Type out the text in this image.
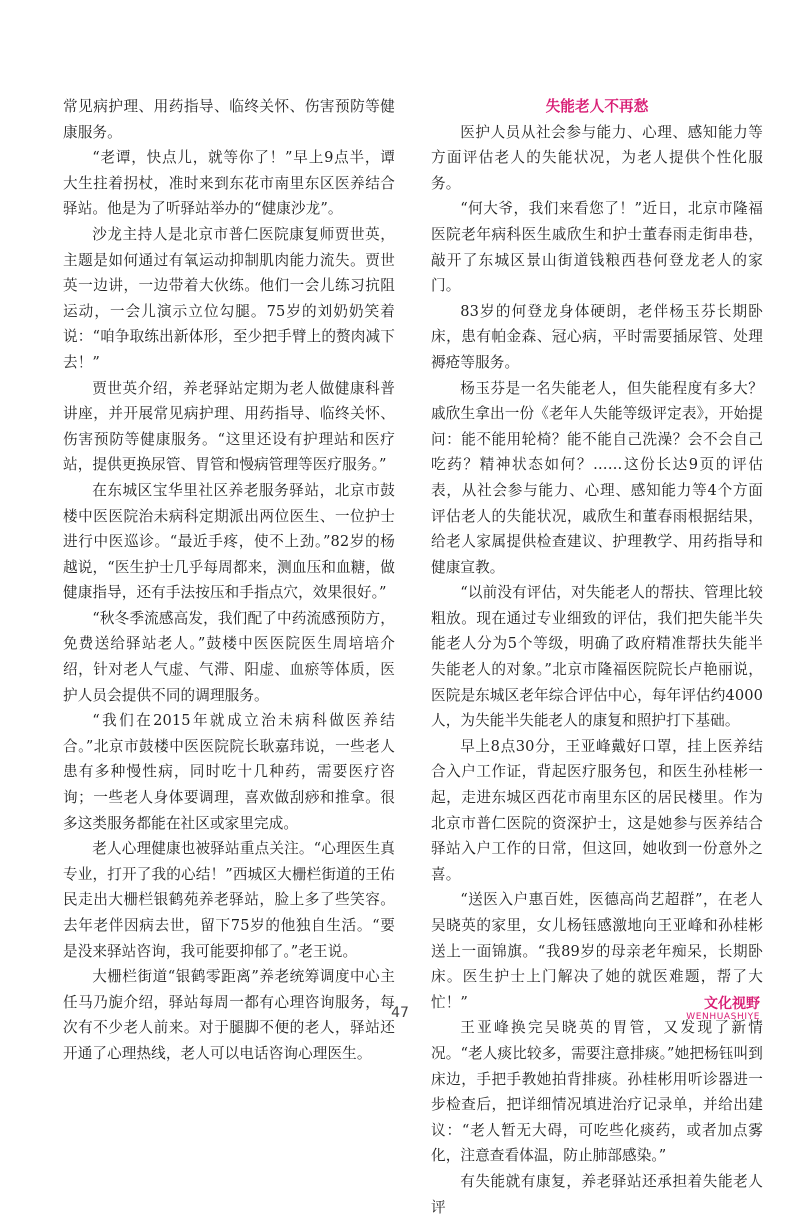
常见病护理、用药指导、临终关怀、伤害预防等健康服务。

“老谭，快点儿，就等你了！”早上9点半，谭大生拄着拐杖，准时来到东花市南里东区医养结合驿站。他是为了听驿站举办的“健康沙龙”。

沙龙主持人是北京市普仁医院康复师贾世英，主题是如何通过有氧运动抑制肌肉能力流失。贾世英一边讲，一边带着大伙练。他们一会儿练习抗阻运动，一会儿演示立位勾腿。75岁的刘奶奶笑着说：“咱争取练出新体形，至少把手臂上的赘肉减下去！”

贾世英介绍，养老驿站定期为老人做健康科普讲座，并开展常见病护理、用药指导、临终关怀、伤害预防等健康服务。“这里还设有护理站和医疗站，提供更换尿管、胃管和慢病管理等医疗服务。”

在东城区宝华里社区养老服务驿站，北京市鼓楼中医医院治未病科定期派出两位医生、一位护士进行中医巡诊。“最近手疼，使不上劲。”82岁的杨越说，“医生护士几乎每周都来，测血压和血糖，做健康指导，还有手法按压和手指点穴，效果很好。”

“秋冬季流感高发，我们配了中药流感预防方，免费送给驿站老人。”鼓楼中医医院医生周培培介绍，针对老人气虚、气滞、阳虚、血瘀等体质，医护人员会提供不同的调理服务。

“我们在2015年就成立治未病科做医养结合。”北京市鼓楼中医医院院长耿嘉玮说，一些老人患有多种慢性病，同时吃十几种药，需要医疗咨询；一些老人身体要调理，喜欢做刮痧和推拿。很多这类服务都能在社区或家里完成。

老人心理健康也被驿站重点关注。“心理医生真专业，打开了我的心结！”西城区大栅栏街道的王佑民走出大栅栏银鹤苑养老驿站，脸上多了些笑容。去年老伴因病去世，留下75岁的他独自生活。“要是没来驿站咨询，我可能要抑郁了。”老王说。

大栅栏街道“银鹤零距离”养老统筹调度中心主任马乃旎介绍，驿站每周一都有心理咨询服务，每次有不少老人前来。对于腿脚不便的老人，驿站还开通了心理热线，老人可以电话咨询心理医生。

失能老人不再愁

医护人员从社会参与能力、心理、感知能力等方面评估老人的失能状况，为老人提供个性化服务。

“何大爷，我们来看您了！”近日，北京市隆福医院老年病科医生戚欣生和护士董春雨走街串巷，敲开了东城区景山街道钱粮西巷何登龙老人的家门。

83岁的何登龙身体硬朗，老伴杨玉芬长期卧床，患有帕金森、冠心病，平时需要插尿管、处理褥疮等服务。

杨玉芬是一名失能老人，但失能程度有多大？戚欣生拿出一份《老年人失能等级评定表》，开始提问：能不能用轮椅？能不能自己洗澡？会不会自己吃药？精神状态如何？……这份长达9页的评估表，从社会参与能力、心理、感知能力等4个方面评估老人的失能状况，戚欣生和董春雨根据结果，给老人家属提供检查建议、护理教学、用药指导和健康宣教。

“以前没有评估，对失能老人的帮扶、管理比较粗放。现在通过专业细致的评估，我们把失能半失能老人分为5个等级，明确了政府精准帮扶失能半失能老人的对象。”北京市隆福医院院长卢艳丽说，医院是东城区老年综合评估中心，每年评估约4000人，为失能半失能老人的康复和照护打下基础。

早上8点30分，王亚峰戴好口罩，挂上医养结合入户工作证，背起医疗服务包，和医生孙桂彬一起，走进东城区西花市南里东区的居民楼里。作为北京市普仁医院的资深护士，这是她参与医养结合驿站入户工作的日常，但这回，她收到一份意外之喜。

“送医入户惠百姓，医德高尚艺超群”，在老人吴晓英的家里，女儿杨钰感激地向王亚峰和孙桂彬送上一面锦旗。“我89岁的母亲老年痴呆，长期卧床。医生护士上门解决了她的就医难题，帮了大忙！”

王亚峰换完吴晓英的胃管，又发现了新情况。“老人痰比较多，需要注意排痰。”她把杨钰叫到床边，手把手教她拍背排痰。孙桂彬用听诊器进一步检查后，把详细情况填进治疗记录单，并给出建议：“老人暂无大碍，可吃些化痰药，或者加点雾化，注意查看体温，防止肺部感染。”

有失能就有康复，养老驿站还承担着失能老人评

47
文化视野
WENHUASHIYE
